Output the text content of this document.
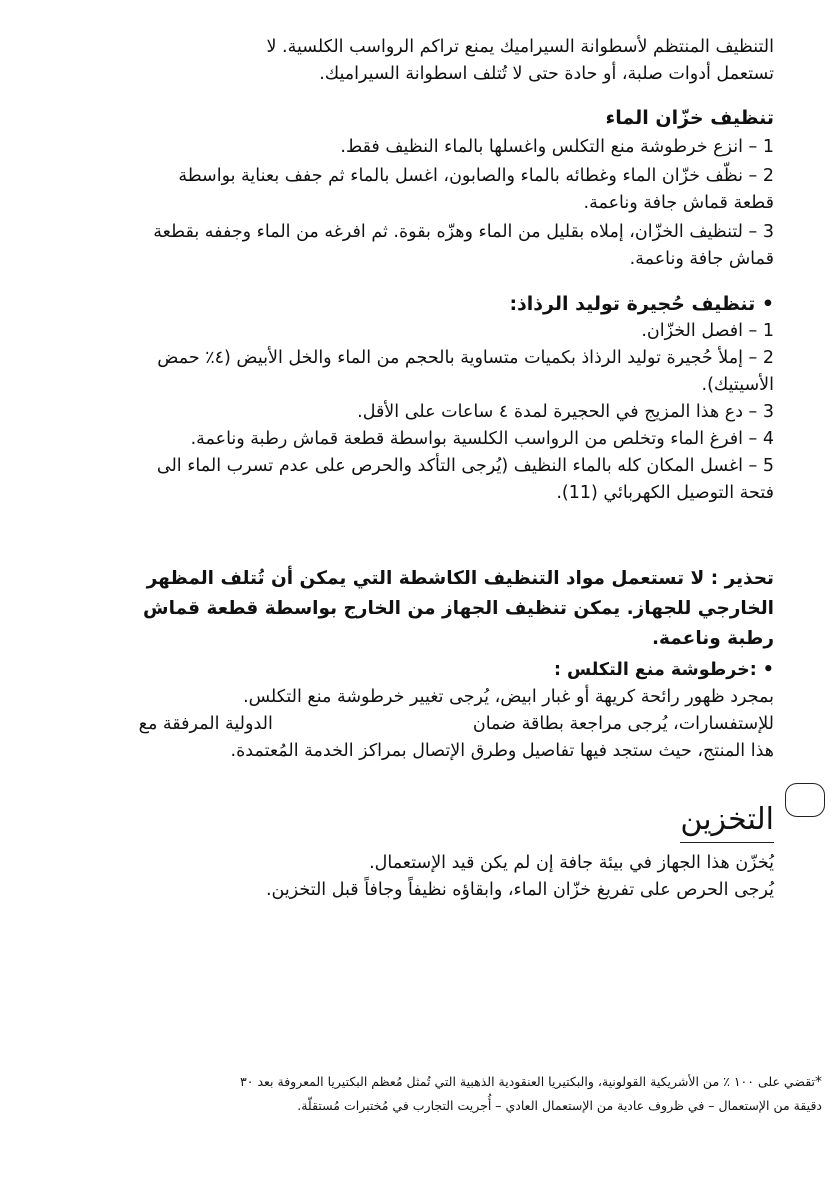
التنظيف المنتظم لأسطوانة السيراميك يمنع تراكم الرواسب الكلسية. لا

تستعمل أدوات صلبة، أو حادة حتى لا تُتلف اسطوانة السيراميك.

تنظيف خزّان الماء

1 – انزع خرطوشة منع التكلس واغسلها بالماء النظيف فقط.

2 – نظّف خزّان الماء وغطائه بالماء والصابون، اغسل بالماء ثم جفف بعناية بواسطة قطعة قماش جافة وناعمة.

3 – لتنظيف الخزّان، إملاه بقليل من الماء وهزّه بقوة. ثم افرغه من الماء وجففه بقطعة قماش جافة وناعمة.

• تنظيف حُجيرة توليد الرذاذ:

1 – افصل الخزّان.

2 – إملأ حُجيرة توليد الرذاذ بكميات متساوية بالحجم من الماء والخل الأبيض (٤٪ حمض الأسيتيك).

3 – دع هذا المزيج في الحجيرة لمدة ٤ ساعات على الأقل.

4 – افرغ الماء وتخلص من الرواسب الكلسية بواسطة قطعة قماش رطبة وناعمة.

5 – اغسل المكان كله بالماء النظيف (يُرجى التأكد والحرص على عدم تسرب الماء الى فتحة التوصيل الكهربائي (11).

تحذير : لا تستعمل مواد التنظيف الكاشطة التي يمكن أن تُتلف المظهر الخارجي للجهاز. يمكن تنظيف الجهاز من الخارج بواسطة قطعة قماش رطبة وناعمة.

• :خرطوشة منع التكلس :

بمجرد ظهور رائحة كريهة أو غبار ابيض، يُرجى تغيير خرطوشة منع التكلس.

للإستفسارات، يُرجى مراجعة بطاقة ضمانالدولية المرفقة مع

هذا المنتج، حيث ستجد فيها تفاصيل وطرق الإتصال بمراكز الخدمة المُعتمدة.

التخزين

يُخزّن هذا الجهاز في بيئة جافة إن لم يكن قيد الإستعمال.

يُرجى الحرص على تفريغ خزّان الماء، وابقاؤه نظيفاً وجافاً قبل التخزين.

*تقضي على ١٠٠ ٪ من الأشريكية القولونية، والبكتيريا العنقودية الذهبية التي تُمثل مُعظم البكتيريا المعروفة بعد ٣٠

دقيقة من الإستعمال – في ظروف عادية من الإستعمال العادي – أُجريت التجارب في مُختبرات مُستقلّة.
